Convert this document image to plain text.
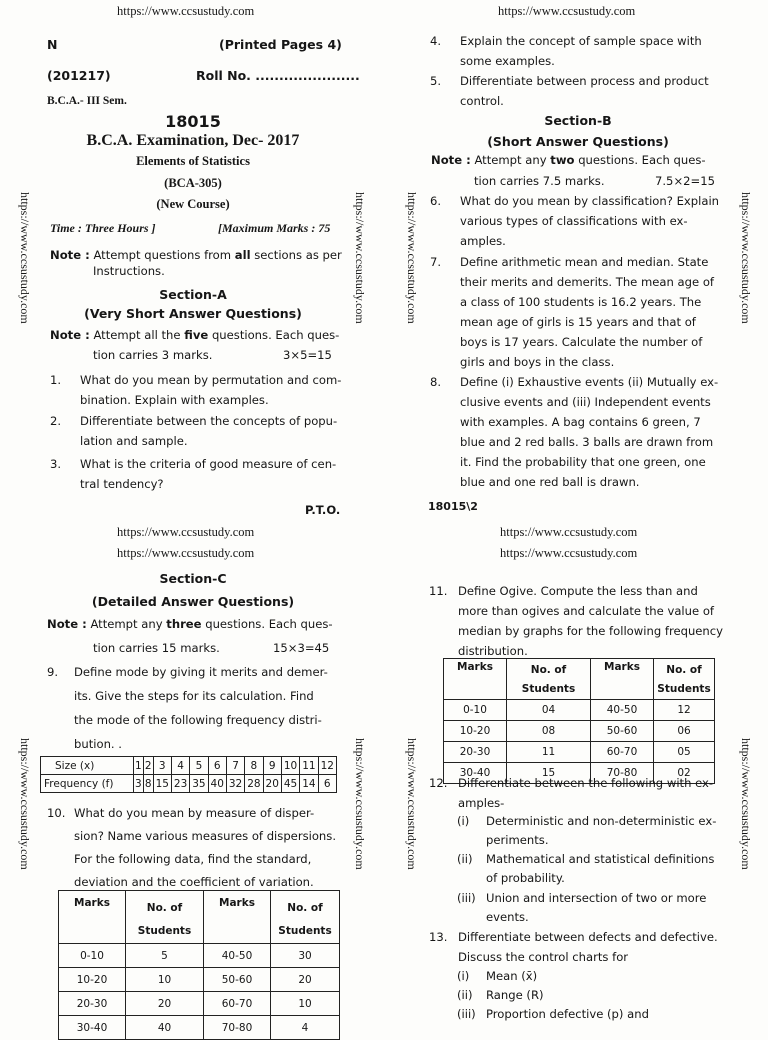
https://www.ccsustudy.com	https://www.ccsustudy.com
https://www.ccsustudy.com	https://www.ccsustudy.com	https://www.ccsustudy.com	https://www.ccsustudy.com
https://www.ccsustudy.com	https://www.ccsustudy.com	https://www.ccsustudy.com	https://www.ccsustudy.com
N	(Printed Pages 4)
(201217)	Roll No. ......................
B.C.A.- III Sem.
18015
B.C.A. Examination, Dec- 2017
Elements of Statistics
(BCA-305)
(New Course)
Time : Three Hours ]	[Maximum Marks : 75
Note : Attempt questions from all sections as per
Instructions.
Section-A
(Very Short Answer Questions)
Note : Attempt all the five questions. Each ques-
tion carries 3 marks.	3×5=15
1. What do you mean by permutation and com-
bination. Explain with examples.
2. Differentiate between the concepts of popu-
lation and sample.
3. What is the criteria of good measure of cen-
tral tendency?
P.T.O.
4. Explain the concept of sample space with
some examples.
5. Differentiate between process and product
control.
Section-B
(Short Answer Questions)
Note : Attempt any two questions. Each ques-
tion carries 7.5 marks.	7.5×2=15
6. What do you mean by classification? Explain
various types of classifications with ex-
amples.
7. Define arithmetic mean and median. State
their merits and demerits. The mean age of
a class of 100 students is 16.2 years. The
mean age of girls is 15 years and that of
boys is 17 years. Calculate the number of
girls and boys in the class.
8. Define (i) Exhaustive events (ii) Mutually ex-
clusive events and (iii) Independent events
with examples. A bag contains 6 green, 7
blue and 2 red balls. 3 balls are drawn from
it. Find the probability that one green, one
blue and one red ball is drawn.
18015\2
https://www.ccsustudy.com
https://www.ccsustudy.com
https://www.ccsustudy.com
https://www.ccsustudy.com
Section-C
(Detailed Answer Questions)
Note : Attempt any three questions. Each ques-
tion carries 15 marks.	15×3=45
9. Define mode by giving it merits and demer-
its. Give the steps for its calculation. Find
the mode of the following frequency distri-
bution. .
Size (x)	1	2	3	4	5	6	7	8	9	10	11	12
Frequency (f)	3	8	15	23	35	40	32	28	20	45	14	6
10. What do you mean by measure of disper-
sion? Name various measures of dispersions.
For the following data, find the standard,
deviation and the coefficient of variation.
Marks	No. of
Students	Marks	No. of
Students
0-10	5	40-50	30
10-20	10	50-60	20
20-30	20	60-70	10
30-40	40	70-80	4
11. Define Ogive. Compute the less than and
more than ogives and calculate the value of
median by graphs for the following frequency
distribution.
Marks	No. of
Students	Marks	No. of
Students
0-10	04	40-50	12
10-20	08	50-60	06
20-30	11	60-70	05
30-40	15	70-80	02
12. Differentiate between the following with ex-
amples-
(i) Deterministic and non-deterministic ex-
periments.
(ii) Mathematical and statistical definitions
of probability.
(iii) Union and intersection of two or more
events.
13. Differentiate between defects and defective.
Discuss the control charts for
(i) Mean (x̄)
(ii) Range (R)
(iii) Proportion defective (p) and
